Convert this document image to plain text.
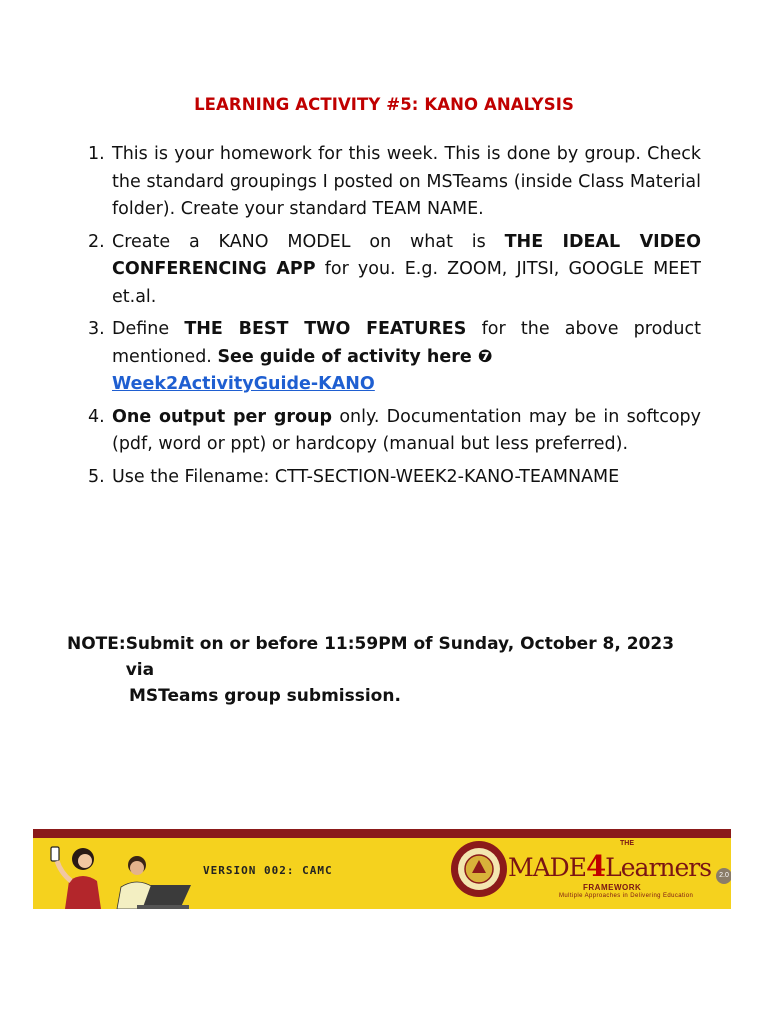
LEARNING ACTIVITY #5: KANO ANALYSIS
1. This is your homework for this week. This is done by group. Check the standard groupings I posted on MSTeams (inside Class Material folder). Create your standard TEAM NAME.
2. Create a KANO MODEL on what is THE IDEAL VIDEO CONFERENCING APP for you. E.g. ZOOM, JITSI, GOOGLE MEET et.al.
3. Define THE BEST TWO FEATURES for the above product mentioned. See guide of activity here ❼
Week2ActivityGuide-KANO
4. One output per group only. Documentation may be in softcopy (pdf, word or ppt) or hardcopy (manual but less preferred).
5. Use the Filename: CTT-SECTION-WEEK2-KANO-TEAMNAME
NOTE: Submit on or before 11:59PM of Sunday, October 8, 2023 via
MSTeams group submission.
VERSION 002: CAMC
THE
MADE4Learners
FRAMEWORK
Multiple Approaches in Delivering Education
2.0
